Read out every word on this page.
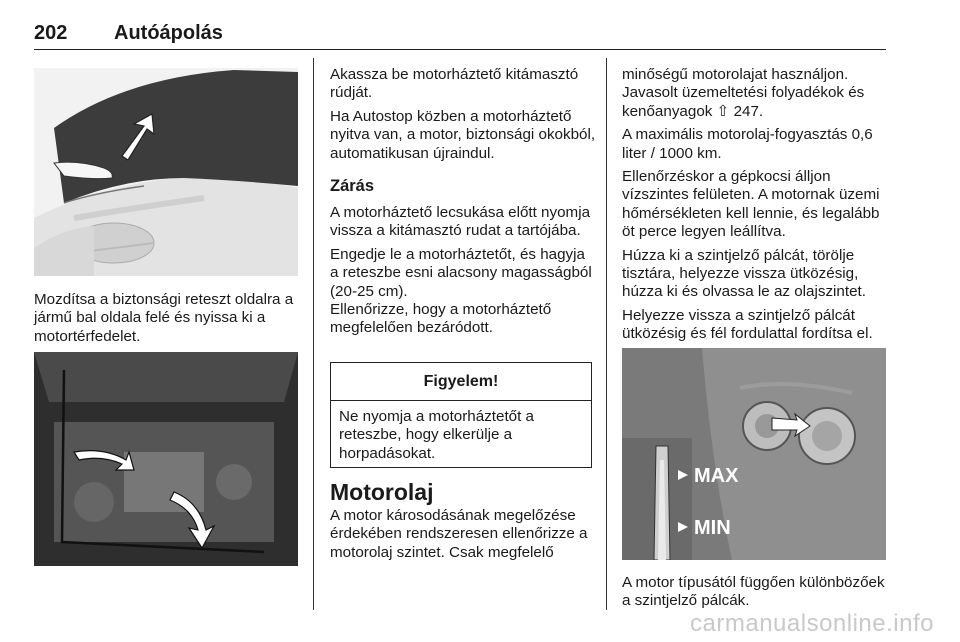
202 Autóápolás
Mozdítsa a biztonsági reteszt oldalra a jármű bal oldala felé és nyissa ki a motortérfedelet.

Akassza be motorháztető kitámasztó rúdját.

Ha Autostop közben a motorháztető nyitva van, a motor, biztonsági okokból, automatikusan újraindul.

Zárás

A motorháztető lecsukása előtt nyomja vissza a kitámasztó rudat a tartójába.

Engedje le a motorháztetőt, és hagyja a reteszbe esni alacsony magasságból (20-25 cm).

Ellenőrizze, hogy a motorháztető megfelelően bezáródott.

Figyelem!
Ne nyomja a motorháztetőt a reteszbe, hogy elkerülje a horpadásokat.
Motorolaj
A motor károsodásának megelőzése érdekében rendszeresen ellenőrizze a motorolaj szintet. Csak megfelelő

minőségű motorolajat használjon. Javasolt üzemeltetési folyadékok és kenőanyagok ⇧ 247.

A maximális motorolaj-fogyasztás 0,6 liter / 1000 km.

Ellenőrzéskor a gépkocsi álljon vízszintes felületen. A motornak üzemi hőmérsékleten kell lennie, és legalább öt perce legyen leállítva.

Húzza ki a szintjelző pálcát, törölje tisztára, helyezze vissza ütközésig, húzza ki és olvassa le az olajszintet.

Helyezze vissza a szintjelző pálcát ütközésig és fél fordulattal fordítsa el.

MAX
MIN
A motor típusától függően különbözőek a szintjelző pálcák.
carmanualsonline.info
